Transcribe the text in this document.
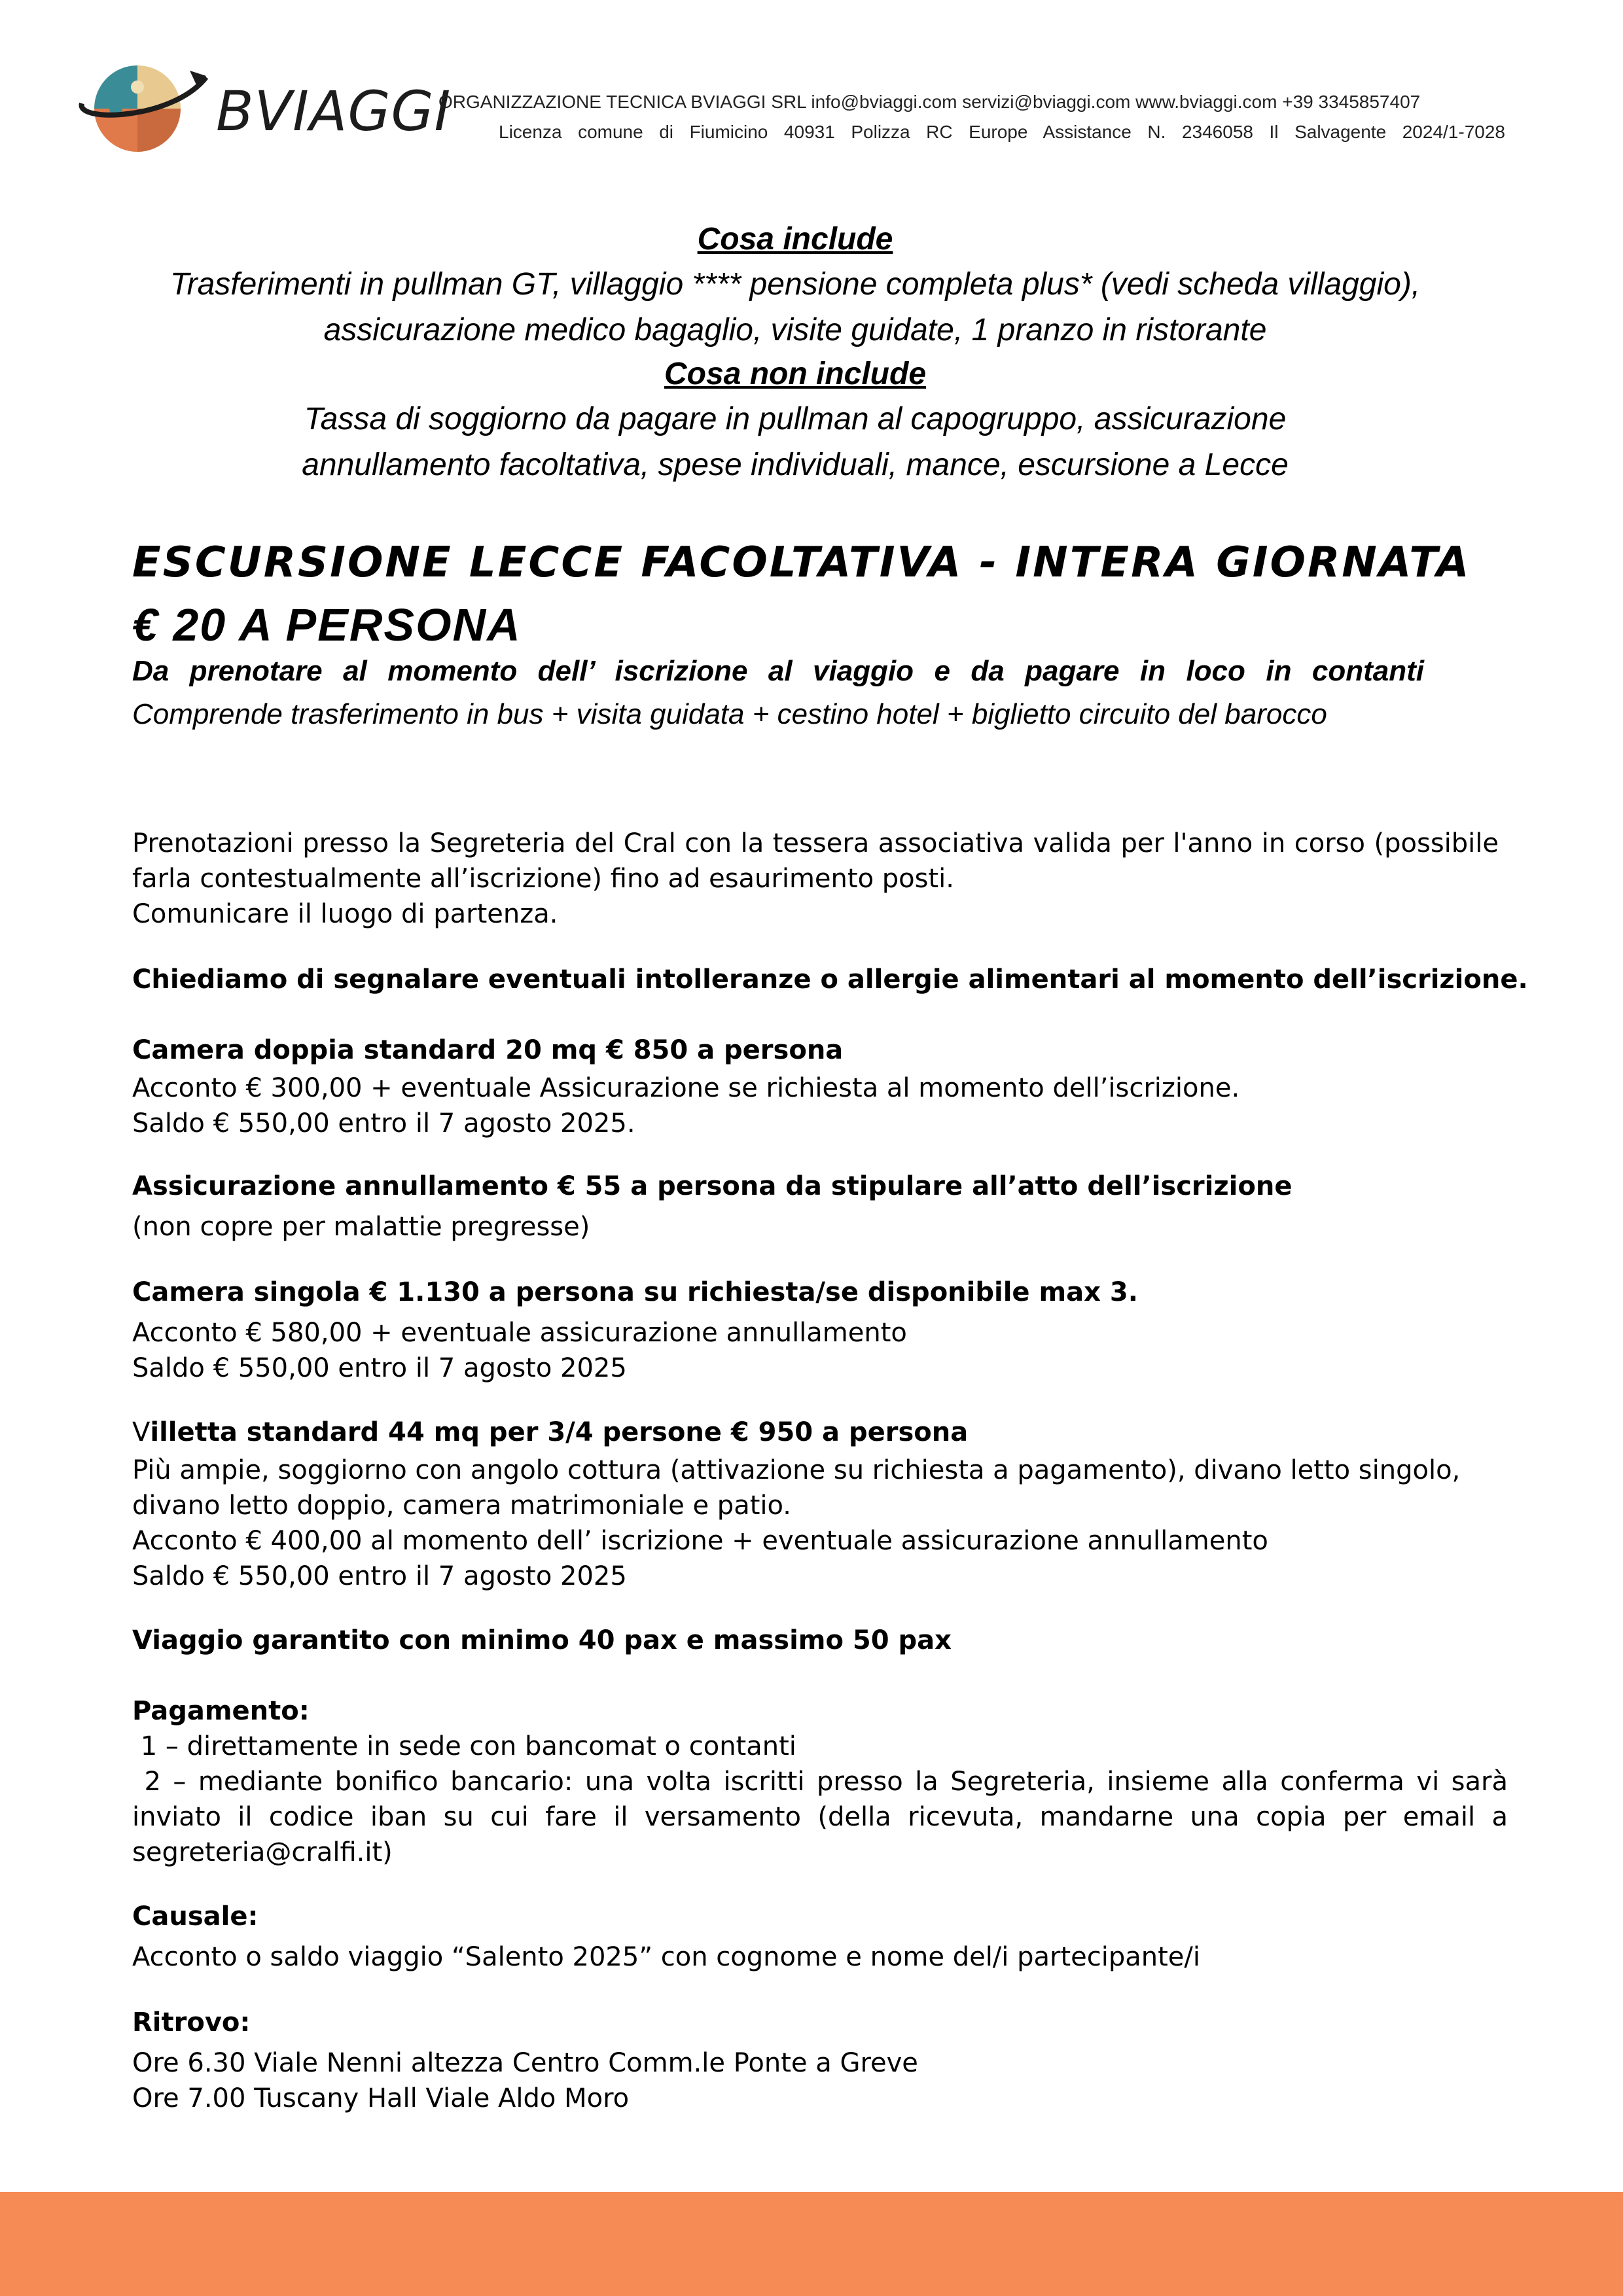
BVIAGGI
ORGANIZZAZIONE TECNICA BVIAGGI SRL info@bviaggi.com servizi@bviaggi.com www.bviaggi.com +39 3345857407
Licenza comune di Fiumicino 40931 Polizza RC Europe Assistance N. 2346058 Il Salvagente 2024/1-7028
Cosa include
Trasferimenti in pullman GT, villaggio **** pensione completa plus* (vedi scheda villaggio), assicurazione medico bagaglio, visite guidate, 1 pranzo in ristorante
Cosa non include
Tassa di soggiorno da pagare in pullman al capogruppo, assicurazione
annullamento facoltativa, spese individuali, mance, escursione a Lecce
ESCURSIONE LECCE FACOLTATIVA - INTERA GIORNATA
€ 20 A PERSONA
Da prenotare al momento dell’ iscrizione al viaggio e da pagare in loco in contanti
Comprende trasferimento in bus + visita guidata + cestino hotel + biglietto circuito del barocco
Prenotazioni presso la Segreteria del Cral con la tessera associativa valida per l'anno in corso (possibile farla contestualmente all’iscrizione) fino ad esaurimento posti.
Comunicare il luogo di partenza.
Chiediamo di segnalare eventuali intolleranze o allergie alimentari al momento dell’iscrizione.
Camera doppia standard 20 mq € 850 a persona
Acconto € 300,00 + eventuale Assicurazione se richiesta al momento dell’iscrizione.
Saldo € 550,00 entro il 7 agosto 2025.
Assicurazione annullamento € 55 a persona da stipulare all’atto dell’iscrizione
(non copre per malattie pregresse)
Camera singola € 1.130 a persona su richiesta/se disponibile max 3.
Acconto € 580,00 + eventuale assicurazione annullamento
Saldo € 550,00 entro il 7 agosto 2025
Villetta standard 44 mq per 3/4 persone € 950 a persona
Più ampie, soggiorno con angolo cottura (attivazione su richiesta a pagamento), divano letto singolo, divano letto doppio, camera matrimoniale e patio.
Acconto € 400,00 al momento dell’ iscrizione + eventuale assicurazione annullamento
Saldo € 550,00 entro il 7 agosto 2025
Viaggio garantito con minimo 40 pax e massimo 50 pax
Pagamento:
1 – direttamente in sede con bancomat o contanti
2 – mediante bonifico bancario: una volta iscritti presso la Segreteria, insieme alla conferma vi sarà inviato il codice iban su cui fare il versamento (della ricevuta, mandarne una copia per email a segreteria@cralfi.it)
Causale:
Acconto o saldo viaggio “Salento 2025” con cognome e nome del/i partecipante/i
Ritrovo:
Ore 6.30 Viale Nenni altezza Centro Comm.le Ponte a Greve
Ore 7.00 Tuscany Hall Viale Aldo Moro
